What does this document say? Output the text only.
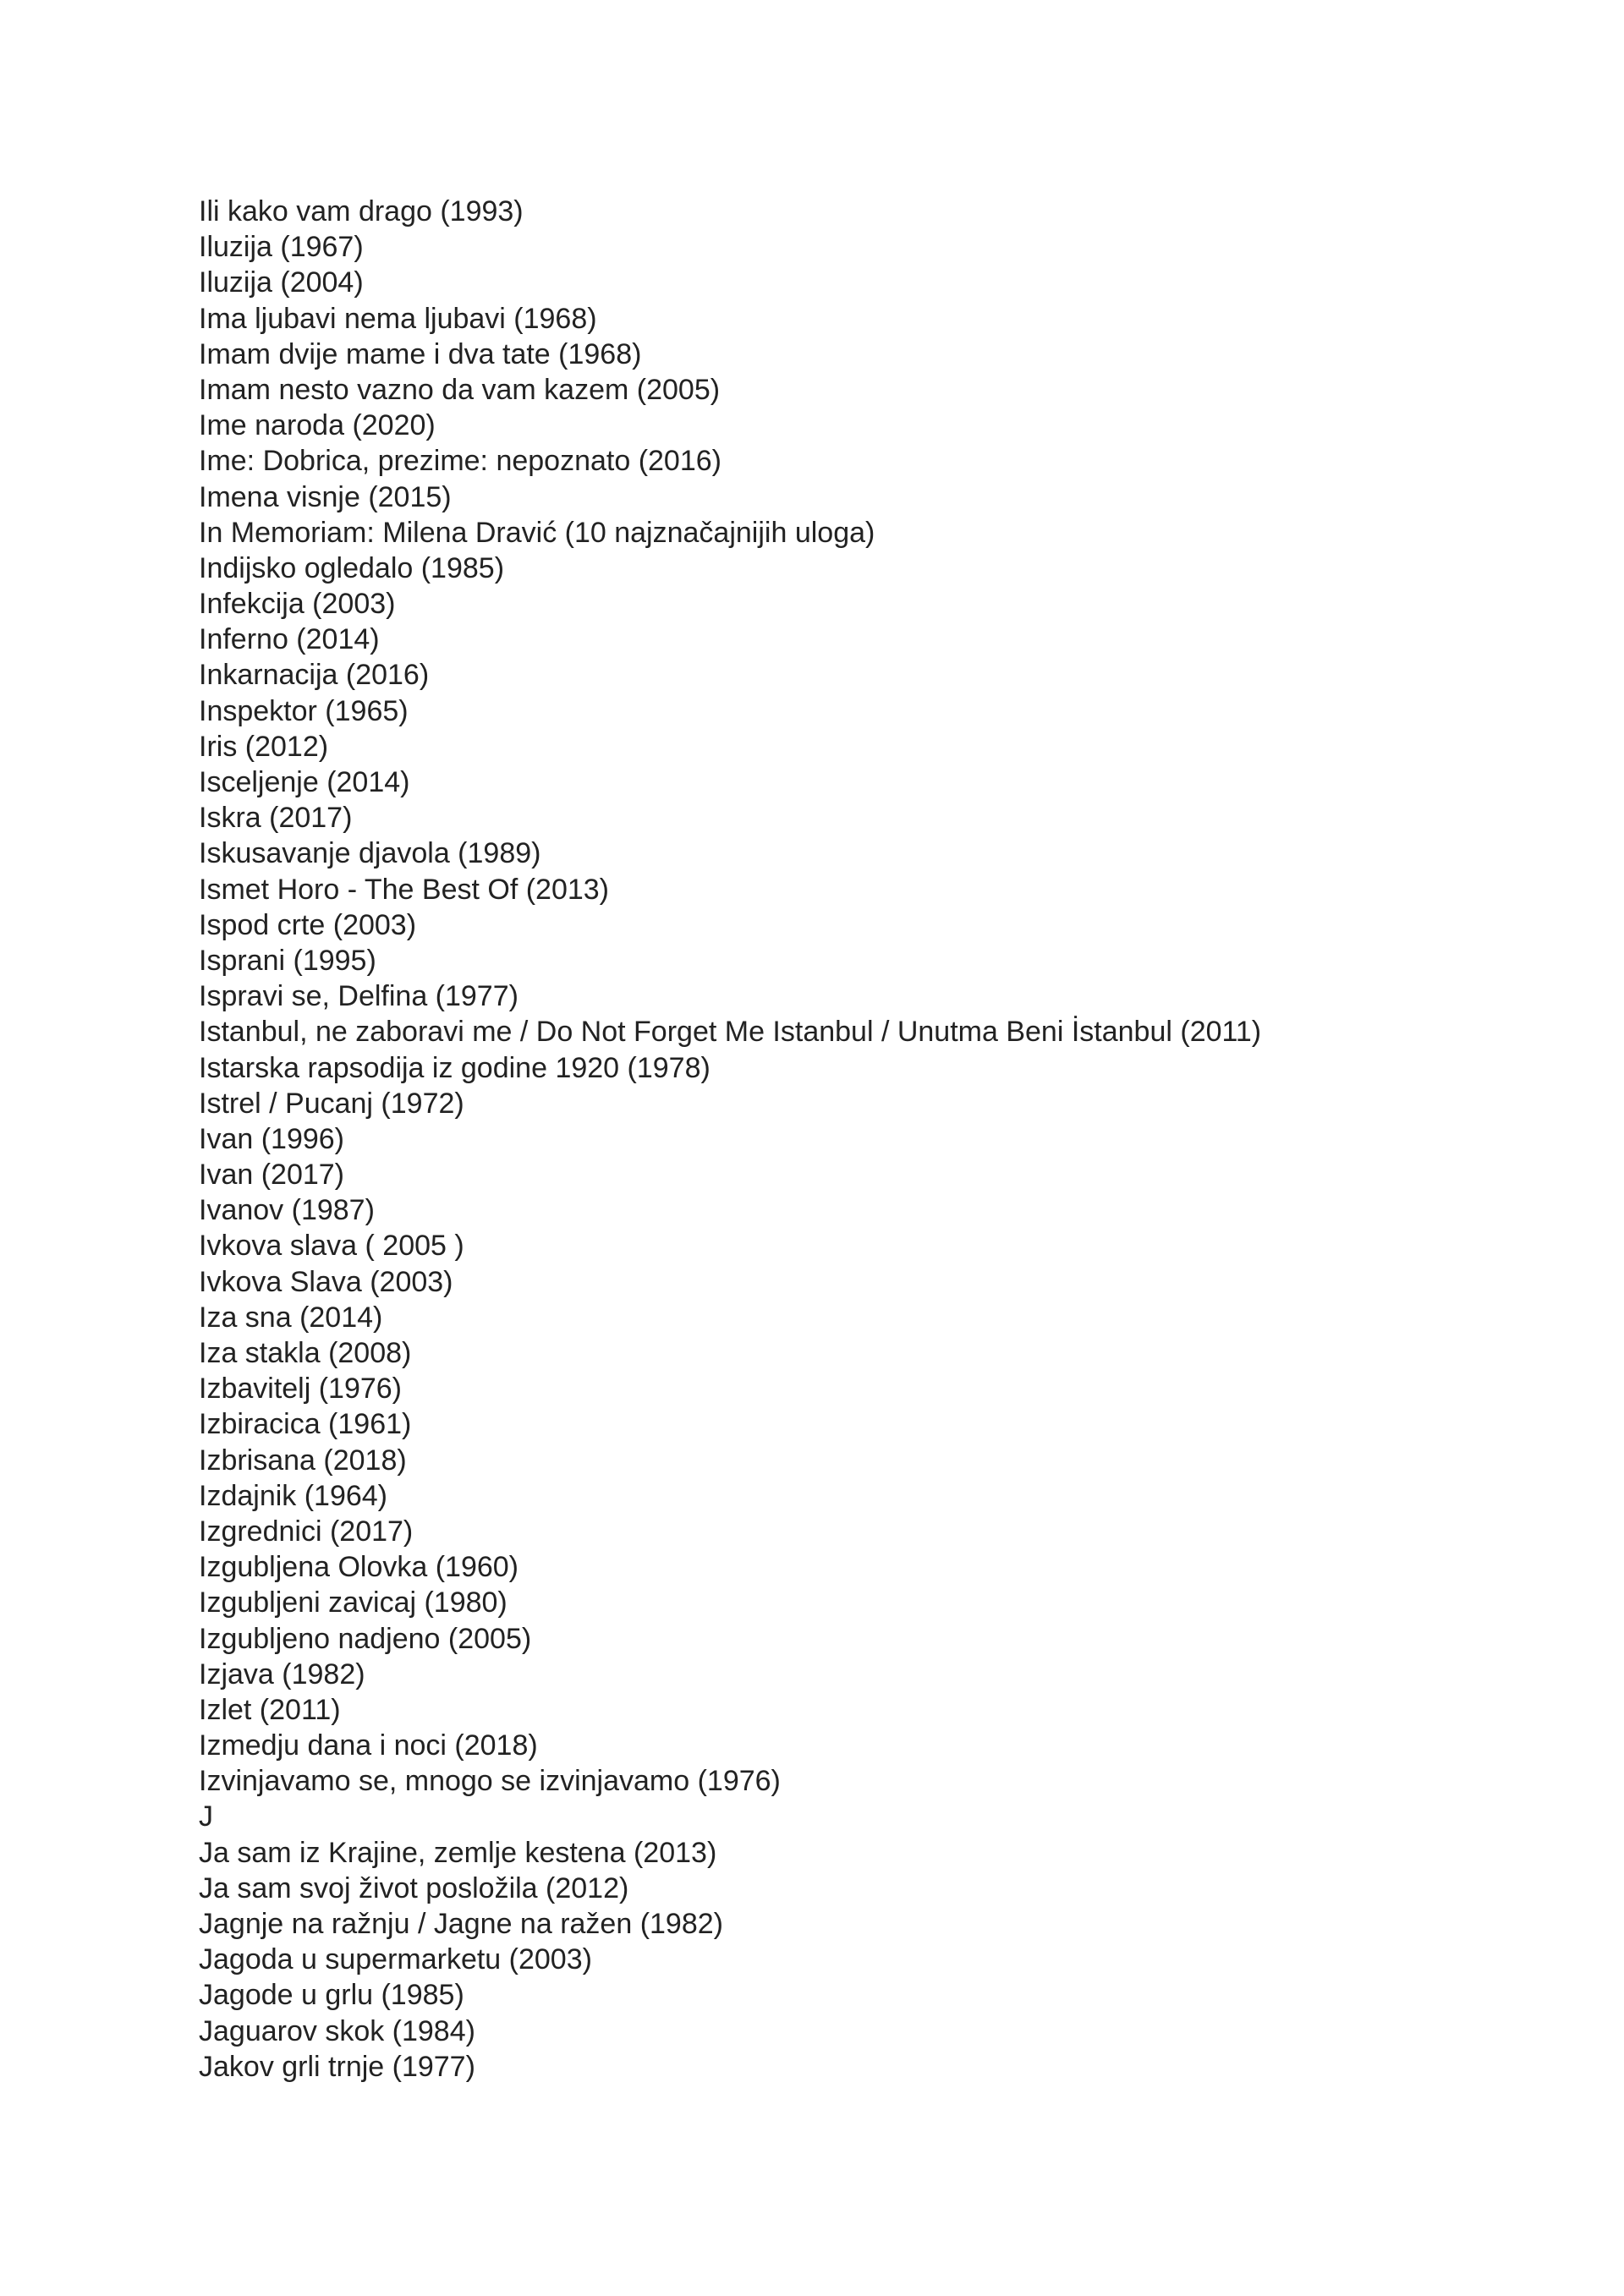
Ili kako vam drago (1993)
Iluzija (1967)
Iluzija (2004)
Ima ljubavi nema ljubavi (1968)
Imam dvije mame i dva tate (1968)
Imam nesto vazno da vam kazem (2005)
Ime naroda (2020)
Ime: Dobrica, prezime: nepoznato (2016)
Imena visnje (2015)
In Memoriam: Milena Dravić (10 najznačajnijih uloga)
Indijsko ogledalo (1985)
Infekcija (2003)
Inferno (2014)
Inkarnacija (2016)
Inspektor (1965)
Iris (2012)
Isceljenje (2014)
Iskra (2017)
Iskusavanje djavola (1989)
Ismet Horo - The Best Of (2013)
Ispod crte (2003)
Isprani (1995)
Ispravi se, Delfina (1977)
Istanbul, ne zaboravi me / Do Not Forget Me Istanbul / Unutma Beni İstanbul (2011)
Istarska rapsodija iz godine 1920 (1978)
Istrel / Pucanj (1972)
Ivan (1996)
Ivan (2017)
Ivanov (1987)
Ivkova slava ( 2005 )
Ivkova Slava (2003)
Iza sna (2014)
Iza stakla (2008)
Izbavitelj (1976)
Izbiracica (1961)
Izbrisana (2018)
Izdajnik (1964)
Izgrednici (2017)
Izgubljena Olovka (1960)
Izgubljeni zavicaj (1980)
Izgubljeno nadjeno (2005)
Izjava (1982)
Izlet (2011)
Izmedju dana i noci (2018)
Izvinjavamo se, mnogo se izvinjavamo (1976)
J
Ja sam iz Krajine, zemlje kestena (2013)
Ja sam svoj život posložila (2012)
Jagnje na ražnju / Jagne na ražen (1982)
Jagoda u supermarketu (2003)
Jagode u grlu (1985)
Jaguarov skok (1984)
Jakov grli trnje (1977)
